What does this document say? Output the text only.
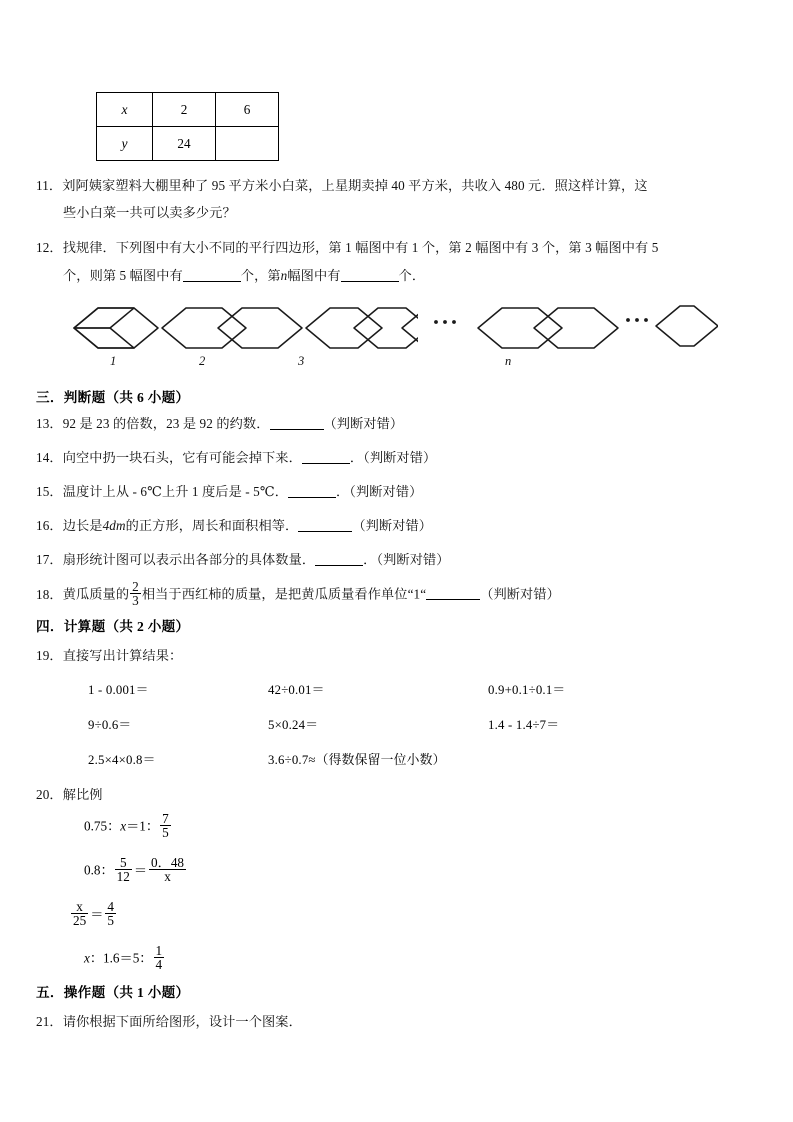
x	2	6
y	24	
11．刘阿姨家塑料大棚里种了 95 平方米小白菜，上星期卖掉 40 平方米，共收入 480 元．照这样计算，这
些小白菜一共可以卖多少元？
12．找规律．下列图中有大小不同的平行四边形，第 1 幅图中有 1 个，第 2 幅图中有 3 个，第 3 幅图中有 5
个，则第 5 幅图中有	个，第n幅图中有	个．
1	2	3	n
三．判断题（共 6 小题）
13．92 是 23 的倍数，23 是 92 的约数．	（判断对错）
14．向空中扔一块石头，它有可能会掉下来．	．（判断对错）
15．温度计上从 - 6℃上升 1 度后是 - 5℃．	．（判断对错）
16．边长是4dm的正方形，周长和面积相等．	（判断对错）
17．扇形统计图可以表示出各部分的具体数量．	．（判断对错）
18．黄瓜质量的 $\frac{2}{3}$ 相当于西红柿的质量，是把黄瓜质量看作单位“1“	（判断对错）
四．计算题（共 2 小题）
19．直接写出计算结果：
1 - 0.001＝	42÷0.01＝	0.9+0.1÷0.1＝
9÷0.6＝	5×0.24＝	1.4 - 1.4÷7＝
2.5×4×0.8＝	3.6÷0.7≈（得数保留一位小数）
20．解比例
0.75：x＝1： $\frac{7}{5}$
0.8： $\frac{5}{12} = \frac{0.48}{x}$
$\frac{x}{25} = \frac{4}{5}$
x：1.6＝5： $\frac{1}{4}$
五．操作题（共 1 小题）
21．请你根据下面所给图形，设计一个图案．
